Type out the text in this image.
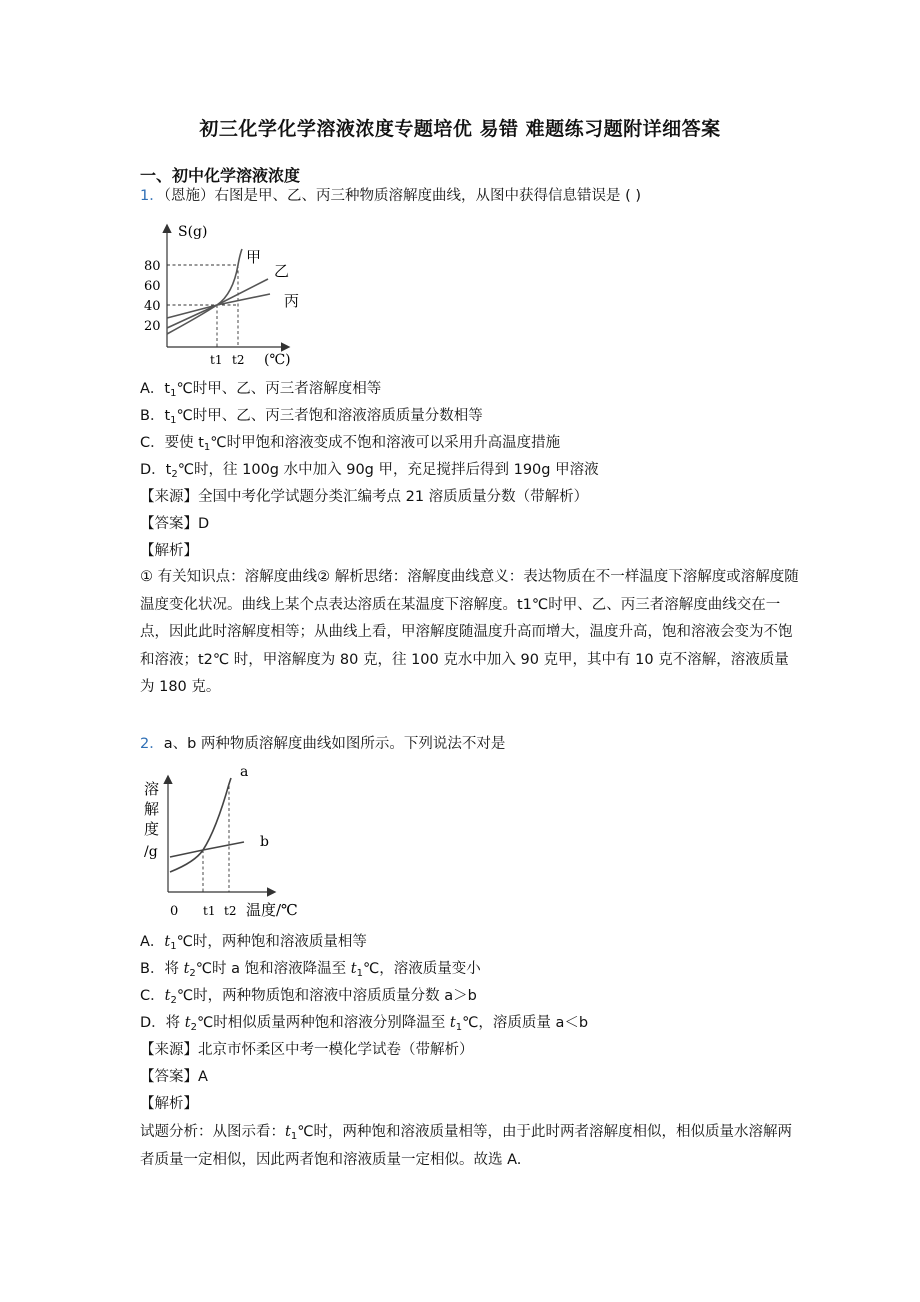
初三化学化学溶液浓度专题培优 易错 难题练习题附详细答案
一、初中化学溶液浓度
1．（恩施）右图是甲、乙、丙三种物质溶解度曲线，从图中获得信息错误是 ( )
S(g)
80
60
40
20
甲
乙
丙
t1 t2 (℃)
A．$t_1℃$时甲、乙、丙三者溶解度相等
B．$t_1℃$时甲、乙、丙三者饱和溶液溶质质量分数相等
C．要使 $t_1℃$时甲饱和溶液变成不饱和溶液可以采用升高温度措施
D．$t_2℃$时，往 100g 水中加入 90g 甲，充足搅拌后得到 190g 甲溶液
【来源】全国中考化学试题分类汇编考点 21 溶质质量分数（带解析）
【答案】D
【解析】
① 有关知识点：溶解度曲线② 解析思绪：溶解度曲线意义：表达物质在不一样温度下溶解度或溶解度随温度变化状况。曲线上某个点表达溶质在某温度下溶解度。t1℃时甲、乙、丙三者溶解度曲线交在一点，因此此时溶解度相等；从曲线上看，甲溶解度随温度升高而增大，温度升高，饱和溶液会变为不饱和溶液；t2℃ 时，甲溶解度为 80 克，往 100 克水中加入 90 克甲，其中有 10 克不溶解，溶液质量为 180 克。
2．a、b 两种物质溶解度曲线如图所示。下列说法不对是
溶
解
度
/g
a
b
0 t1 t2 温度/℃
A．$t_1℃$时，两种饱和溶液质量相等
B．将 $t_2℃$时 a 饱和溶液降温至 $t_1℃$，溶液质量变小
C．$t_2℃$时，两种物质饱和溶液中溶质质量分数 a＞b
D．将 $t_2℃$时相似质量两种饱和溶液分别降温至 $t_1℃$，溶质质量 a＜b
【来源】北京市怀柔区中考一模化学试卷（带解析）
【答案】A
【解析】
试题分析：从图示看：$t_1℃$时，两种饱和溶液质量相等，由于此时两者溶解度相似，相似质量水溶解两者质量一定相似，因此两者饱和溶液质量一定相似。故选 A.
